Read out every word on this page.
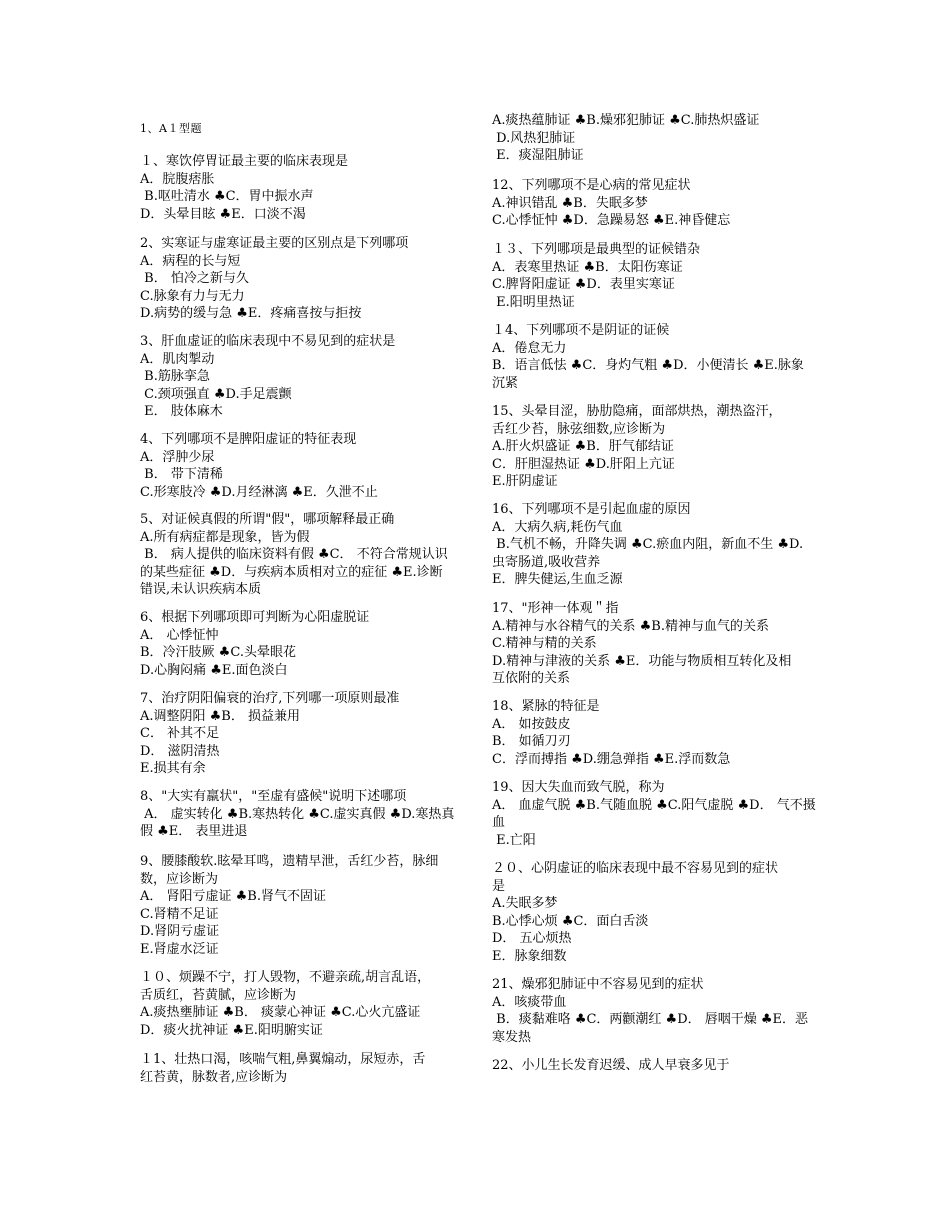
1、A１型题
１、寒饮停胃证最主要的临床表现是
A．脘腹痞胀
B.呕吐清水 ♣C．胃中振水声
D．头晕目眩 ♣E．口淡不渴
2、实寒证与虚寒证最主要的区别点是下列哪项
A．病程的长与短
B． 怕冷之新与久
C.脉象有力与无力
D.病势的缓与急 ♣E．疼痛喜按与拒按
3、肝血虚证的临床表现中不易见到的症状是
A．肌肉掣动
B.筋脉挛急
C.颈项强直 ♣D.手足震颤
E． 肢体麻木
4、下列哪项不是脾阳虚证的特征表现
A．浮肿少尿
B． 带下清稀
C.形寒肢冷 ♣D.月经淋漓 ♣E．久泄不止
5、对证候真假的所谓"假"，哪项解释最正确
A.所有病症都是现象，皆为假
B． 病人提供的临床资料有假 ♣C． 不符合常规认识
的某些症征 ♣D．与疾病本质相对立的症征 ♣E.诊断
错误,未认识疾病本质
6、根据下列哪项即可判断为心阳虚脱证
A． 心悸怔忡
B．冷汗肢厥 ♣C.头晕眼花
D.心胸闷痛 ♣E.面色淡白
7、治疗阴阳偏衰的治疗,下列哪一项原则最准
A.调整阴阳 ♣B． 损益兼用
C． 补其不足
D． 滋阴清热
E.损其有余
8、"大实有羸状"，"至虚有盛候"说明下述哪项
A． 虚实转化 ♣B.寒热转化 ♣C.虚实真假 ♣D.寒热真
假 ♣E． 表里进退
9、腰膝酸软.眩晕耳鸣，遗精早泄，舌红少苔，脉细
数，应诊断为
A． 肾阳亏虚证 ♣B.肾气不固证
C.肾精不足证
D.肾阴亏虚证
E.肾虚水泛证
１０、烦躁不宁，打人毁物，不避亲疏,胡言乱语，
舌质红，苔黄腻，应诊断为
A.痰热壅肺证 ♣B． 痰蒙心神证 ♣C.心火亢盛证
D．痰火扰神证 ♣E.阳明腑实证
１1、壮热口渴，咳喘气粗,鼻翼煽动，尿短赤，舌
红苔黄，脉数者,应诊断为
A.痰热蕴肺证 ♣B.燥邪犯肺证 ♣C.肺热炽盛证
D.风热犯肺证
E．痰湿阻肺证
12、下列哪项不是心病的常见症状
A.神识错乱 ♣B．失眠多梦
C.心悸怔忡 ♣D．急躁易怒 ♣E.神昏健忘
１３、下列哪项是最典型的证候错杂
A．表寒里热证 ♣B．太阳伤寒证
C.脾肾阳虚证 ♣D．表里实寒证
E.阳明里热证
１4、下列哪项不是阴证的证候
A．倦怠无力
B．语言低怯 ♣C．身灼气粗 ♣D．小便清长 ♣E.脉象
沉紧
15、头晕目涩，胁肋隐痛，面部烘热，潮热盗汗，
舌红少苔，脉弦细数,应诊断为
A.肝火炽盛证 ♣B．肝气郁结证
C．肝胆湿热证 ♣D.肝阳上亢证
E.肝阴虚证
16、下列哪项不是引起血虚的原因
A．大病久病,耗伤气血
B.气机不畅，升降失调 ♣C.瘀血内阻，新血不生 ♣D.
虫寄肠道,吸收营养
E．脾失健运,生血乏源
17、"形神一体观＂指
A.精神与水谷精气的关系 ♣B.精神与血气的关系
C.精神与精的关系
D.精神与津液的关系 ♣E．功能与物质相互转化及相
互依附的关系
18、紧脉的特征是
A． 如按鼓皮
B． 如循刀刃
C．浮而搏指 ♣D.绷急弹指 ♣E.浮而数急
19、因大失血而致气脱，称为
A． 血虚气脱 ♣B.气随血脱 ♣C.阳气虚脱 ♣D． 气不摄
血
E.亡阳
２０、心阴虚证的临床表现中最不容易见到的症状
是
A.失眠多梦
B.心悸心烦 ♣C．面白舌淡
D． 五心烦热
E．脉象细数
21、燥邪犯肺证中不容易见到的症状
A．咳痰带血
B．痰黏难咯 ♣C．两颧潮红 ♣D． 唇咽干燥 ♣E．恶
寒发热
22、小儿生长发育迟缓、成人早衰多见于
